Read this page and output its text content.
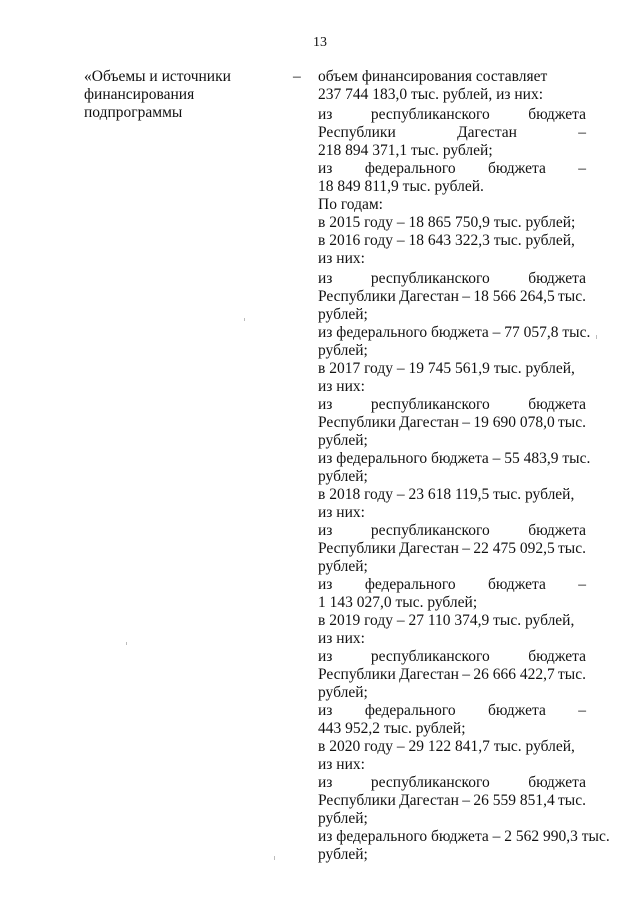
13
«Объемы и источники
финансирования
подпрограммы
– объем финансирования составляет
237 744 183,0 тыс. рублей, из них:
из республиканского бюджета
Республики	Дагестан	–
218 894 371,1 тыс. рублей;
из федерального бюджета –
18 849 811,9 тыс. рублей.
По годам:
в 2015 году – 18 865 750,9 тыс. рублей;
в 2016 году – 18 643 322,3 тыс. рублей,
из них:
из республиканского бюджета
Республики Дагестан – 18 566 264,5 тыс.
рублей;
из федерального бюджета – 77 057,8 тыс.
рублей;
в 2017 году – 19 745 561,9 тыс. рублей,
из них:
из республиканского бюджета
Республики Дагестан – 19 690 078,0 тыс.
рублей;
из федерального бюджета – 55 483,9 тыс.
рублей;
в 2018 году – 23 618 119,5 тыс. рублей,
из них:
из республиканского бюджета
Республики Дагестан – 22 475 092,5 тыс.
рублей;
из федерального бюджета –
1 143 027,0 тыс. рублей;
в 2019 году – 27 110 374,9 тыс. рублей,
из них:
из республиканского бюджета
Республики Дагестан – 26 666 422,7 тыс.
рублей;
из федерального бюджета –
443 952,2 тыс. рублей;
в 2020 году – 29 122 841,7 тыс. рублей,
из них:
из республиканского бюджета
Республики Дагестан – 26 559 851,4 тыс.
рублей;
из федерального бюджета – 2 562 990,3 тыс.
рублей;
